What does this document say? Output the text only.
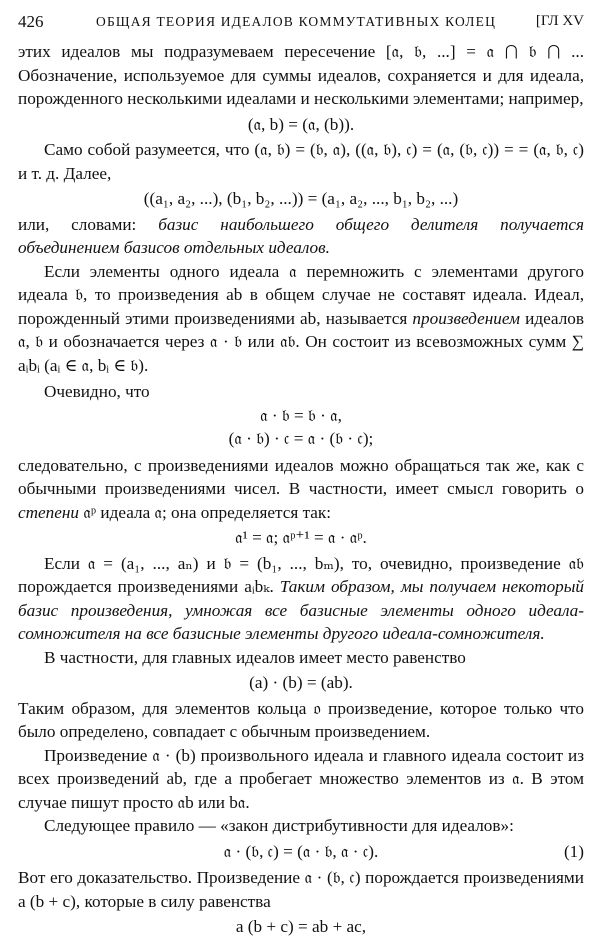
426	ОБЩАЯ ТЕОРИЯ ИДЕАЛОВ КОММУТАТИВНЫХ КОЛЕЦ	[ГЛ XV

этих идеалов мы подразумеваем пересечение [𝔞, 𝔟, ...] = 𝔞 ⋂ 𝔟 ⋂ ... Обозначение, используемое для суммы идеалов, сохраняется и для идеала, порожденного несколькими идеалами и несколькими элементами; например,

(𝔞, b) = (𝔞, (b)).

Само собой разумеется, что (𝔞, 𝔟) = (𝔟, 𝔞), ((𝔞, 𝔟), 𝔠) = (𝔞, (𝔟, 𝔠)) = = (𝔞, 𝔟, 𝔠) и т. д. Далее,

((a₁, a₂, ...), (b₁, b₂, ...)) = (a₁, a₂, ..., b₁, b₂, ...)

или, словами: базис наибольшего общего делителя получается объединением базисов отдельных идеалов.

Если элементы одного идеала 𝔞 перемножить с элементами другого идеала 𝔟, то произведения ab в общем случае не составят идеала. Идеал, порожденный этими произведениями ab, называется произведением идеалов 𝔞, 𝔟 и обозначается через 𝔞 · 𝔟 или 𝔞𝔟. Он состоит из всевозможных сумм ∑ aᵢbᵢ (aᵢ ∈ 𝔞, bᵢ ∈ 𝔟).

Очевидно, что

𝔞 · 𝔟 = 𝔟 · 𝔞,

(𝔞 · 𝔟) · 𝔠 = 𝔞 · (𝔟 · 𝔠);

следовательно, с произведениями идеалов можно обращаться так же, как с обычными произведениями чисел. В частности, имеет смысл говорить о степени 𝔞ᵖ идеала 𝔞; она определяется так:

𝔞¹ = 𝔞; 𝔞ᵖ⁺¹ = 𝔞 · 𝔞ᵖ.

Если 𝔞 = (a₁, ..., aₙ) и 𝔟 = (b₁, ..., bₘ), то, очевидно, произведение 𝔞𝔟 порождается произведениями aᵢbₖ. Таким образом, мы получаем некоторый базис произведения, умножая все базисные элементы одного идеала-сомножителя на все базисные элементы другого идеала-сомножителя.

В частности, для главных идеалов имеет место равенство

(a) · (b) = (ab).

Таким образом, для элементов кольца 𝔬 произведение, которое только что было определено, совпадает с обычным произведением.

Произведение 𝔞 · (b) произвольного идеала и главного идеала состоит из всех произведений ab, где a пробегает множество элементов из 𝔞. В этом случае пишут просто 𝔞b или b𝔞.

Следующее правило — «закон дистрибутивности для идеалов»:

𝔞 · (𝔟, 𝔠) = (𝔞 · 𝔟, 𝔞 · 𝔠).	(1)

Вот его доказательство. Произведение 𝔞 · (𝔟, 𝔠) порождается произведениями a (b + c), которые в силу равенства

a (b + c) = ab + ac,
